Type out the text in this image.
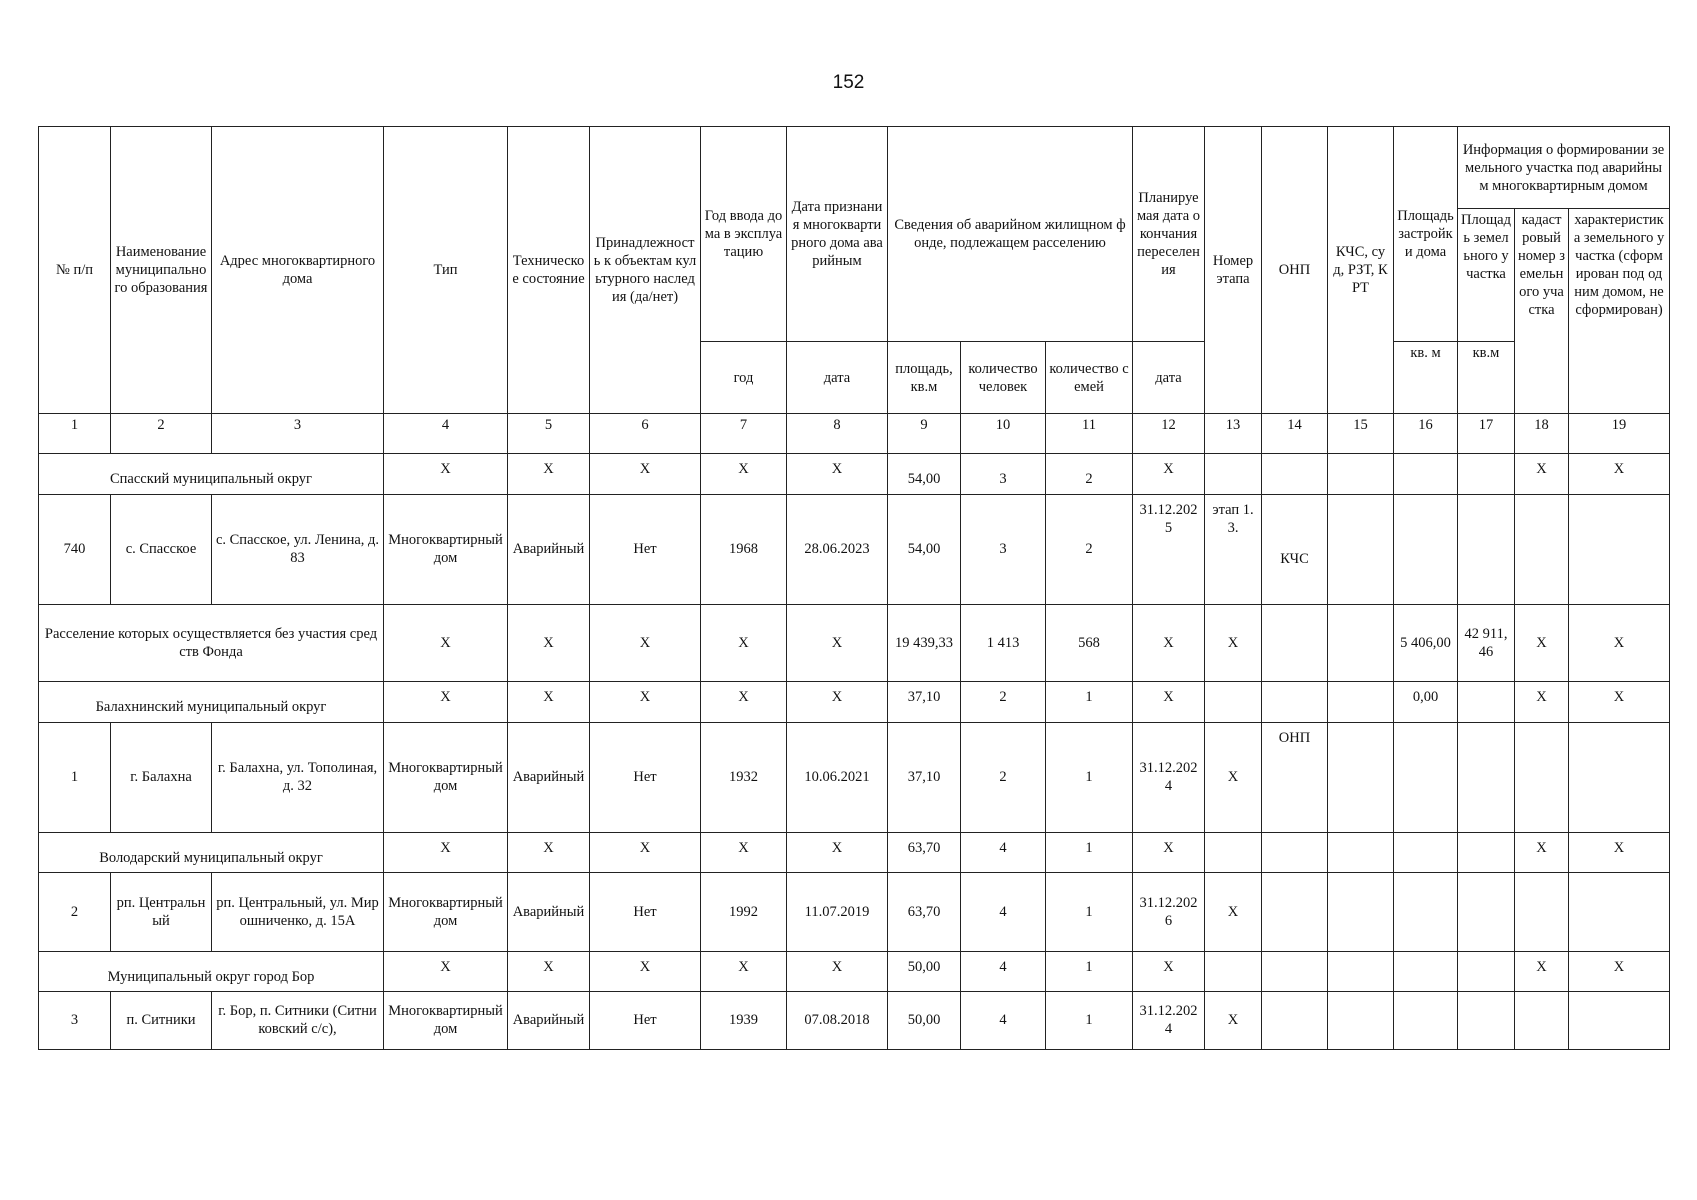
152
№ п/п	Наименование муниципального образования	Адрес многоквартирного дома	Тип	Техническое состояние	Принадлежность к объектам культурного наследия (да/нет)	Год ввода дома в эксплуатацию	Дата признания многоквартирного дома аварийным	Сведения об аварийном жилищном фонде, подлежащем расселению			Планируемая дата окончания переселения	Номер этапа	ОНП	КЧС, суд, РЗТ, КРТ	Площадь застройки дома	Информация о формировании земельного участка под аварийным многоквартирным домом		
																Площадь земельного участка	кадастровый номер земельного участка	характеристика земельного участка (сформирован под одним домом, не сформирован)
						год	дата	площадь, кв.м	количество человек	количество семей	дата				кв. м	кв.м		
1	2	3	4	5	6	7	8	9	10	11	12	13	14	15	16	17	18	19
Спасский муниципальный округ			X	X	X	X	X	54,00	3	2	X						X	X
740	с. Спасское	с. Спасское, ул. Ленина, д. 83	Многоквартирный дом	Аварийный	Нет	1968	28.06.2023	54,00	3	2	31.12.2025	этап 1.3.	КЧС					
Расселение которых осуществляется без участия средств Фонда			X	X	X	X	X	19 439,33	1 413	568	X	X			5 406,00	42 911,46	X	X
Балахнинский муниципальный округ			X	X	X	X	X	37,10	2	1	X				0,00		X	X
1	г. Балахна	г. Балахна, ул. Тополиная, д. 32	Многоквартирный дом	Аварийный	Нет	1932	10.06.2021	37,10	2	1	31.12.2024	X	ОНП					
Володарский муниципальный округ			X	X	X	X	X	63,70	4	1	X						X	X
2	рп. Центральный	рп. Центральный, ул. Мирошниченко, д. 15А	Многоквартирный дом	Аварийный	Нет	1992	11.07.2019	63,70	4	1	31.12.2026	X						
Муниципальный округ город Бор			X	X	X	X	X	50,00	4	1	X						X	X
3	п. Ситники	г. Бор, п. Ситники (Ситниковский с/с),	Многоквартирный дом	Аварийный	Нет	1939	07.08.2018	50,00	4	1	31.12.2024	X						
